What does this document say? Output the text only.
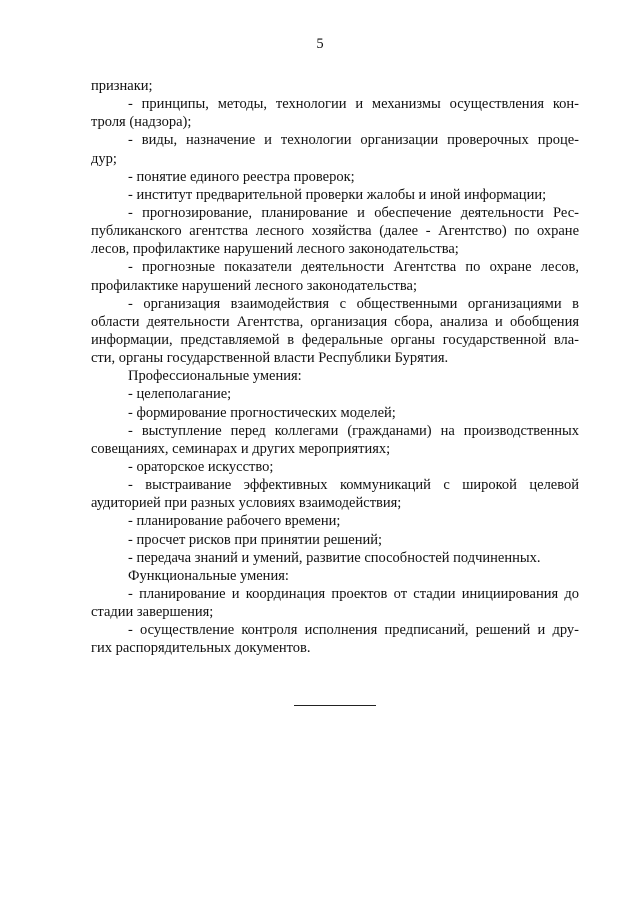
5
признаки;
- принципы, методы, технологии и механизмы осуществления кон-
троля (надзора);
- виды, назначение и технологии организации проверочных проце-
дур;
- понятие единого реестра проверок;
- институт предварительной проверки жалобы и иной информации;
- прогнозирование, планирование и обеспечение деятельности Рес-
публиканского агентства лесного хозяйства (далее - Агентство) по охране
лесов, профилактике нарушений лесного законодательства;
- прогнозные показатели деятельности Агентства по охране лесов,
профилактике нарушений лесного законодательства;
- организация взаимодействия с общественными организациями в
области деятельности Агентства, организация сбора, анализа и обобщения
информации, представляемой в федеральные органы государственной вла-
сти, органы государственной власти Республики Бурятия.
Профессиональные умения:
- целеполагание;
- формирование прогностических моделей;
- выступление перед коллегами (гражданами) на производственных
совещаниях, семинарах и других мероприятиях;
- ораторское искусство;
- выстраивание эффективных коммуникаций с широкой целевой
аудиторией при разных условиях взаимодействия;
- планирование рабочего времени;
- просчет рисков при принятии решений;
- передача знаний и умений, развитие способностей подчиненных.
Функциональные умения:
- планирование и координация проектов от стадии инициирования до
стадии завершения;
- осуществление контроля исполнения предписаний, решений и дру-
гих распорядительных документов.
